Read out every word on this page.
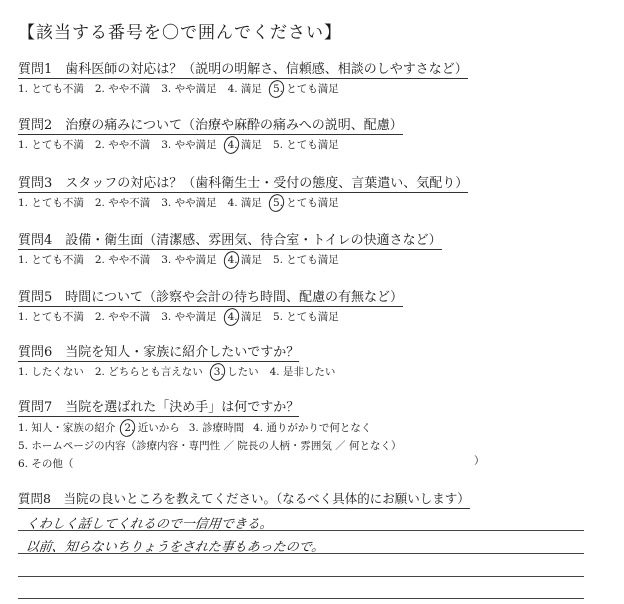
【該当する番号を〇で囲んでください】
質問1　歯科医師の対応は？（説明の明解さ、信頼感、相談のしやすさなど）
1. とても不満 2. やや不満 3. やや満足 4. 満足 5. とても満足
質問2　治療の痛みについて（治療や麻酔の痛みへの説明、配慮）
1. とても不満 2. やや不満 3. やや満足 4. 満足 5. とても満足
質問3　スタッフの対応は？（歯科衛生士・受付の態度、言葉遣い、気配り）
1. とても不満 2. やや不満 3. やや満足 4. 満足 5. とても満足
質問4　設備・衛生面（清潔感、雰囲気、待合室・トイレの快適さなど）
1. とても不満 2. やや不満 3. やや満足 4. 満足 5. とても満足
質問5　時間について（診察や会計の待ち時間、配慮の有無など）
1. とても不満 2. やや不満 3. やや満足 4. 満足 5. とても満足
質問6　当院を知人・家族に紹介したいですか？
1. したくない 2. どちらとも言えない 3. したい 4. 是非したい
質問7　当院を選ばれた「決め手」は何ですか？
1. 知人・家族の紹介 2. 近いから 3. 診療時間 4. 通りがかりで何となく
5. ホームページの内容（診療内容・専門性 ／ 院長の人柄・雰囲気 ／ 何となく）
6. その他（	）
質問8　当院の良いところを教えてください。（なるべく具体的にお願いします）
くわしく話してくれるので一信用できる。
以前、知らないちりょうをされた事もあったので。
